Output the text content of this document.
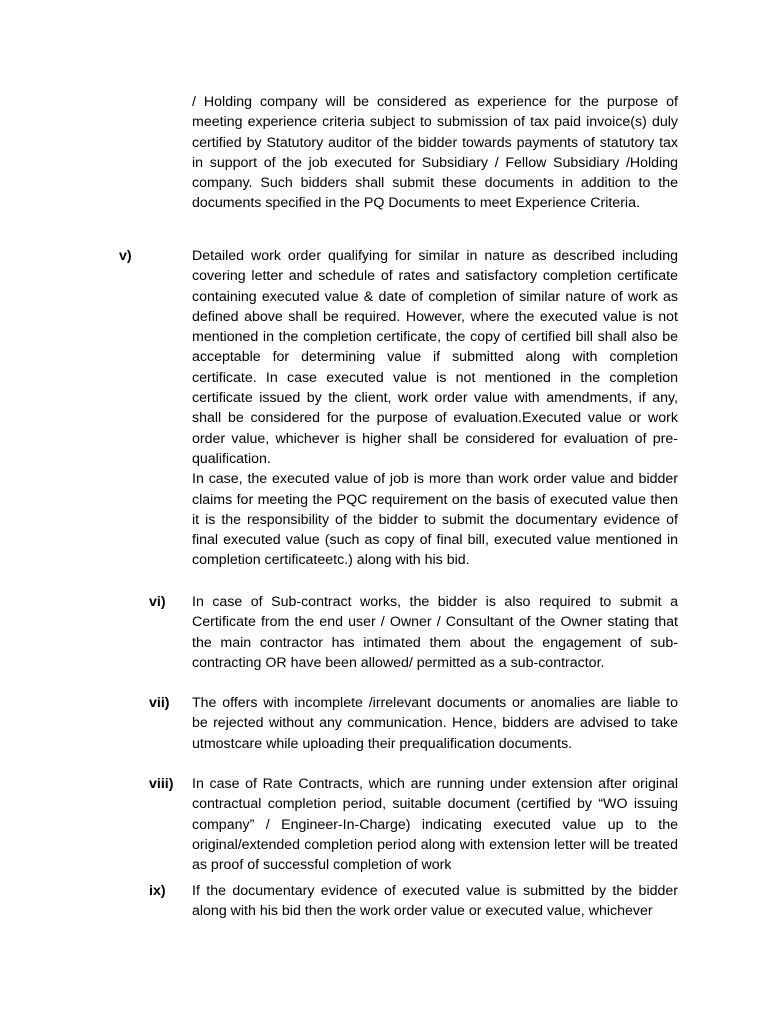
/ Holding company will be considered as experience for the purpose of meeting experience criteria subject to submission of tax paid invoice(s) duly certified by Statutory auditor of the bidder towards payments of statutory tax in support of the job executed for Subsidiary / Fellow Subsidiary /Holding company. Such bidders shall submit these documents in addition to the documents specified in the PQ Documents to meet Experience Criteria.

v)	Detailed work order qualifying for similar in nature as described including covering letter and schedule of rates and satisfactory completion certificate containing executed value & date of completion of similar nature of work as defined above shall be required. However, where the executed value is not mentioned in the completion certificate, the copy of certified bill shall also be acceptable for determining value if submitted along with completion certificate. In case executed value is not mentioned in the completion certificate issued by the client, work order value with amendments, if any, shall be considered for the purpose of evaluation.Executed value or work order value, whichever is higher shall be considered for evaluation of pre-qualification.

In case, the executed value of job is more than work order value and bidder claims for meeting the PQC requirement on the basis of executed value then it is the responsibility of the bidder to submit the documentary evidence of final executed value (such as copy of final bill, executed value mentioned in completion certificateetc.) along with his bid.

vi) In case of Sub-contract works, the bidder is also required to submit a Certificate from the end user / Owner / Consultant of the Owner stating that the main contractor has intimated them about the engagement of sub-contracting OR have been allowed/ permitted as a sub-contractor.

vii) The offers with incomplete /irrelevant documents or anomalies are liable to be rejected without any communication. Hence, bidders are advised to take utmostcare while uploading their prequalification documents.

viii) In case of Rate Contracts, which are running under extension after original contractual completion period, suitable document (certified by “WO issuing company” / Engineer-In-Charge) indicating executed value up to the original/extended completion period along with extension letter will be treated as proof of successful completion of work

ix) If the documentary evidence of executed value is submitted by the bidder along with his bid then the work order value or executed value, whichever
